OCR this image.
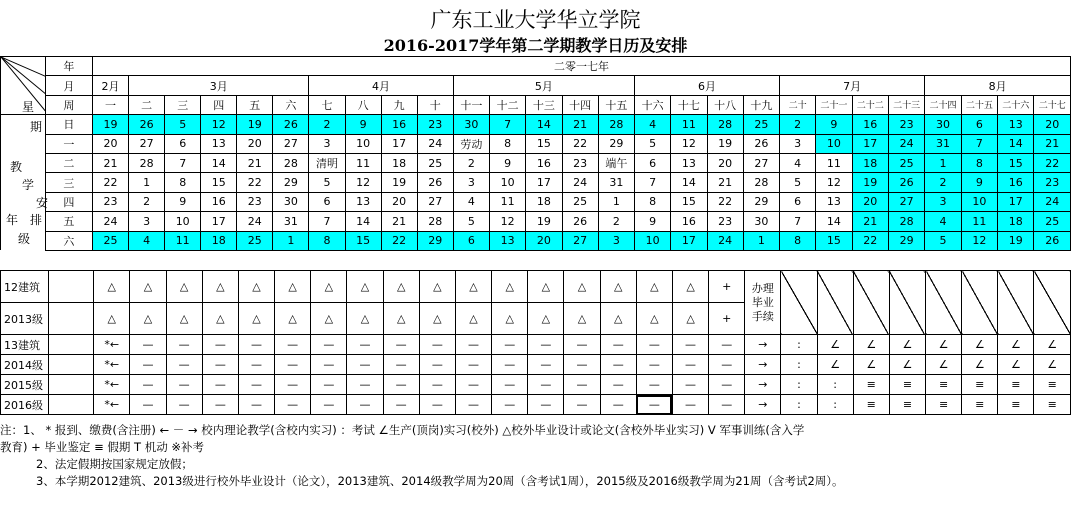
广东工业大学华立学院
2016-2017学年第二学期教学日历及安排
	年	二零一七年																										
	月	2月	3月					4月				5月					6月				7月				8月			
	周	一	二	三	四	五	六	七	八	九	十	十一	十二	十三	十四	十五	十六	十七	十八	十九	二十	二十一	二十二	二十三	二十四	二十五	二十六	二十七
	日	19	26	5	12	19	26	2	9	16	23	30	7	14	21	28	4	11	28	25	2	9	16	23	30	6	13	20
	一	20	27	6	13	20	27	3	10	17	24	劳动	8	15	22	29	5	12	19	26	3	10	17	24	31	7	14	21
	二	21	28	7	14	21	28	清明	11	18	25	2	9	16	23	端午	6	13	20	27	4	11	18	25	1	8	15	22
	三	22	1	8	15	22	29	5	12	19	26	3	10	17	24	31	7	14	21	28	5	12	19	26	2	9	16	23
	四	23	2	9	16	23	30	6	13	20	27	4	11	18	25	1	8	15	22	29	6	13	20	27	3	10	17	24
	五	24	3	10	17	24	31	7	14	21	28	5	12	19	26	2	9	16	23	30	7	14	21	28	4	11	18	25
	六	25	4	11	18	25	1	8	15	22	29	6	13	20	27	3	10	17	24	1	8	15	22	29	5	12	19	26
12建筑		△	△	△	△	△	△	△	△	△	△	△	△	△	△	△	△	△	+	办理
毕业
手续								

2013级		△	△	△	△	△	△	△	△	△	△	△	△	△	△	△	△	△	+									
13建筑		*←	—	—	—	—	—	—	—	—	—	—	—	—	—	—	—	—	—	→	:	∠	∠	∠	∠	∠	∠	∠
2014级		*←	—	—	—	—	—	—	—	—	—	—	—	—	—	—	—	—	—	→	:	∠	∠	∠	∠	∠	∠	∠
2015级		*←	—	—	—	—	—	—	—	—	—	—	—	—	—	—	—	—	—	→	:	:	≡	≡	≡	≡	≡	≡
2016级		*←	—	—	—	—	—	—	—	—	—	—	—	—	—	—	—	—	—	→	:	:	≡	≡	≡	≡	≡	≡
注：1、 * 报到、缴费(含注册) ← － → 校内理论教学(含校内实习) ：考试 ∠生产(顶岗)实习(校外) △校外毕业设计或论文(含校外毕业实习) V 军事训练(含入学
教育) + 毕业鉴定 ≡ 假期 T 机动 ※补考
2、法定假期按国家规定放假；
3、本学期2012建筑、2013级进行校外毕业设计（论文），2013建筑、2014级教学周为20周（含考试1周），2015级及2016级教学周为21周（含考试2周）。
星
期
教
学
安
年 排
级
